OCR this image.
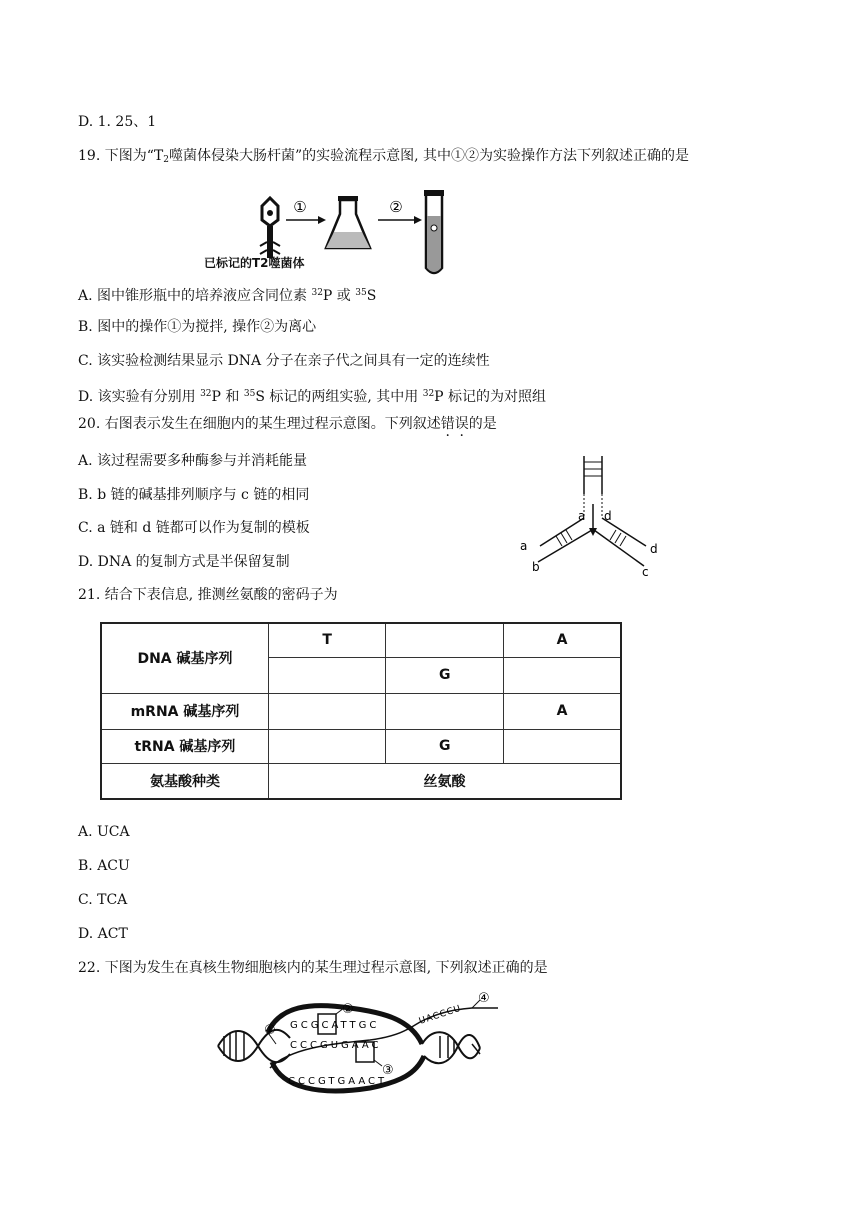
D. 1. 25、1
19. 下图为“$T_2$噬菌体侵染大肠杆菌”的实验流程示意图, 其中①②为实验操作方法下列叙述正确的是
①	②
已标记的T2噬菌体
A. 图中锥形瓶中的培养液应含同位素 $^{32}$P 或 $^{35}$S
B. 图中的操作①为搅拌, 操作②为离心
C. 该实验检测结果显示 DNA 分子在亲子代之间具有一定的连续性
D. 该实验有分别用 $^{32}$P 和 $^{35}$S 标记的两组实验, 其中用 $^{32}$P 标记的为对照组
20. 右图表示发生在细胞内的某生理过程示意图。下列叙述错误的是
A. 该过程需要多种酶参与并消耗能量
B. b 链的碱基排列顺序与 c 链的相同
C. a 链和 d 链都可以作为复制的模板
D. DNA 的复制方式是半保留复制
a d
a
b
d
c
21. 结合下表信息, 推测丝氨酸的密码子为
DNA 碱基序列	T		A
		G	
mRNA 碱基序列			A
tRNA 碱基序列		G	
氨基酸种类	丝氨酸		
A. UCA
B. ACU
C. TCA
D. ACT
22. 下图为发生在真核生物细胞核内的某生理过程示意图, 下列叙述正确的是
①
②
③
④
GCGCATTGC
CCCGUGAAC
CCCGTGAACT
UACCCU
